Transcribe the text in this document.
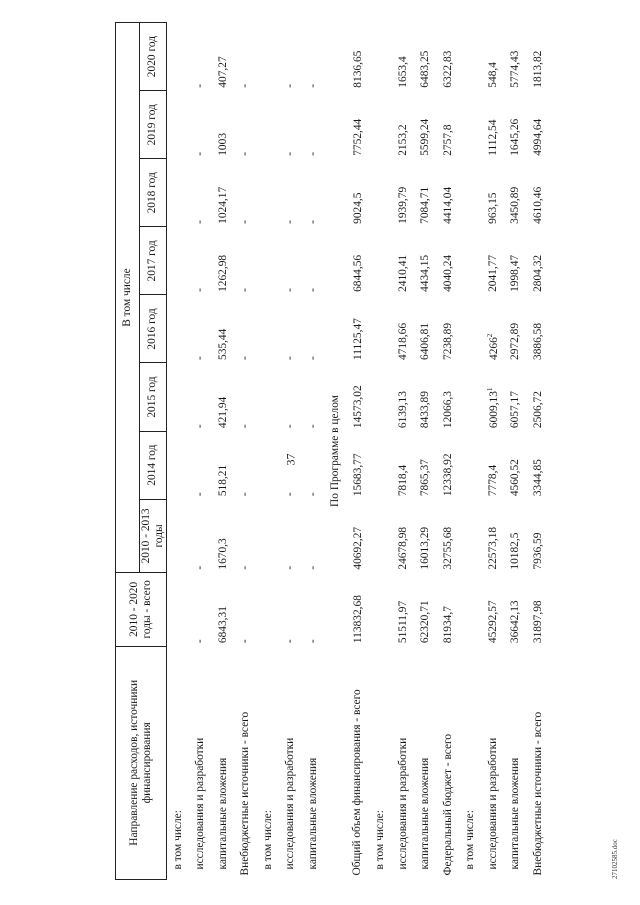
37
27102585.doc
Направление расходов, источники финансирования	2010 - 2020 годы - всего	В том числе							
		2010 - 2013 годы	2014 год	2015 год	2016 год	2017 год	2018 год	2019 год	2020 год
в том числе:									
исследования и разработки	-	-	-	-	-	-	-	-	-
капитальные вложения	6843,31	1670,3	518,21	421,94	535,44	1262,98	1024,17	1003	407,27
Внебюджетные источники - всего	-	-	-	-	-	-	-	-	-
в том числе:									
исследования и разработки	-	-	-	-	-	-	-	-	-
капитальные вложения	-	-	-	-	-	-	-	-	-
По Программе в целом									
Общий объем финансирования - всего	113832,68	40692,27	15683,77	14573,02	11125,47	6844,56	9024,5	7752,44	8136,65
в том числе:									
исследования и разработки	51511,97	24678,98	7818,4	6139,13	4718,66	2410,41	1939,79	2153,2	1653,4
капитальные вложения	62320,71	16013,29	7865,37	8433,89	6406,81	4434,15	7084,71	5599,24	6483,25
Федеральный бюджет - всего	81934,7	32755,68	12338,92	12066,3	7238,89	4040,24	4414,04	2757,8	6322,83
в том числе:									
исследования и разработки	45292,57	22573,18	7778,4	6009,13$^1$	4266$^2$	2041,77	963,15	1112,54	548,4
капитальные вложения	36642,13	10182,5	4560,52	6057,17	2972,89	1998,47	3450,89	1645,26	5774,43
Внебюджетные источники - всего	31897,98	7936,59	3344,85	2506,72	3886,58	2804,32	4610,46	4994,64	1813,82
